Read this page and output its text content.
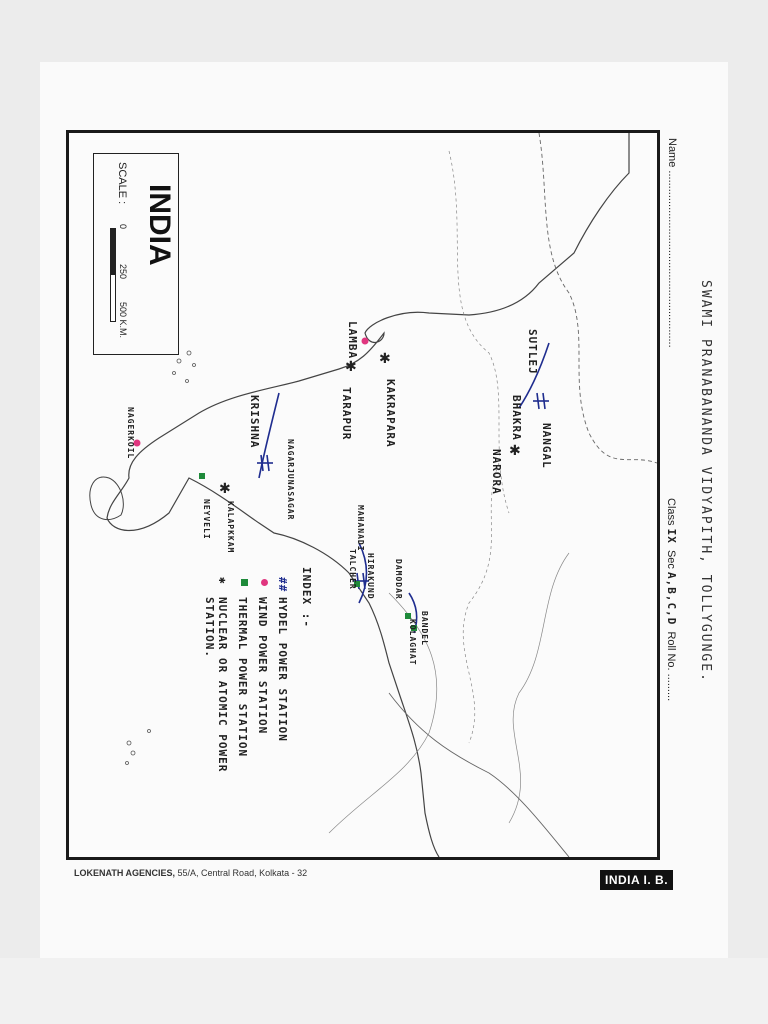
SWAMI PRANABANANDA VIDYAPITH, TOLLYGUNGE.
Name ..........................................................
Class IX  Sec A,B,C,D  Roll No. .........
✱
✱
✱
✱
INDIA
SCALE :
0
250
500 K.M.
SUTLEJ
BHAKRA
NANGAL
NARORA
LAMBA
KAKRAPARA
TARAPUR
KRISHNA
NAGARJUNASAGAR
NAGERKOIL
NEYVELI KALAPKKAM	MAHANADI
HIRAKUND
TALCHER	DAMODAR
BANDEL
KOLAGHAT
INDEX :-
##
HYDEL POWER STATION
WIND POWER STATION
THERMAL POWER STATION
✱
NUCLEAR OR ATOMIC POWER STATION.
LOKENATH AGENCIES, 55/A, Central Road, Kolkata - 32	INDIA I. B.
